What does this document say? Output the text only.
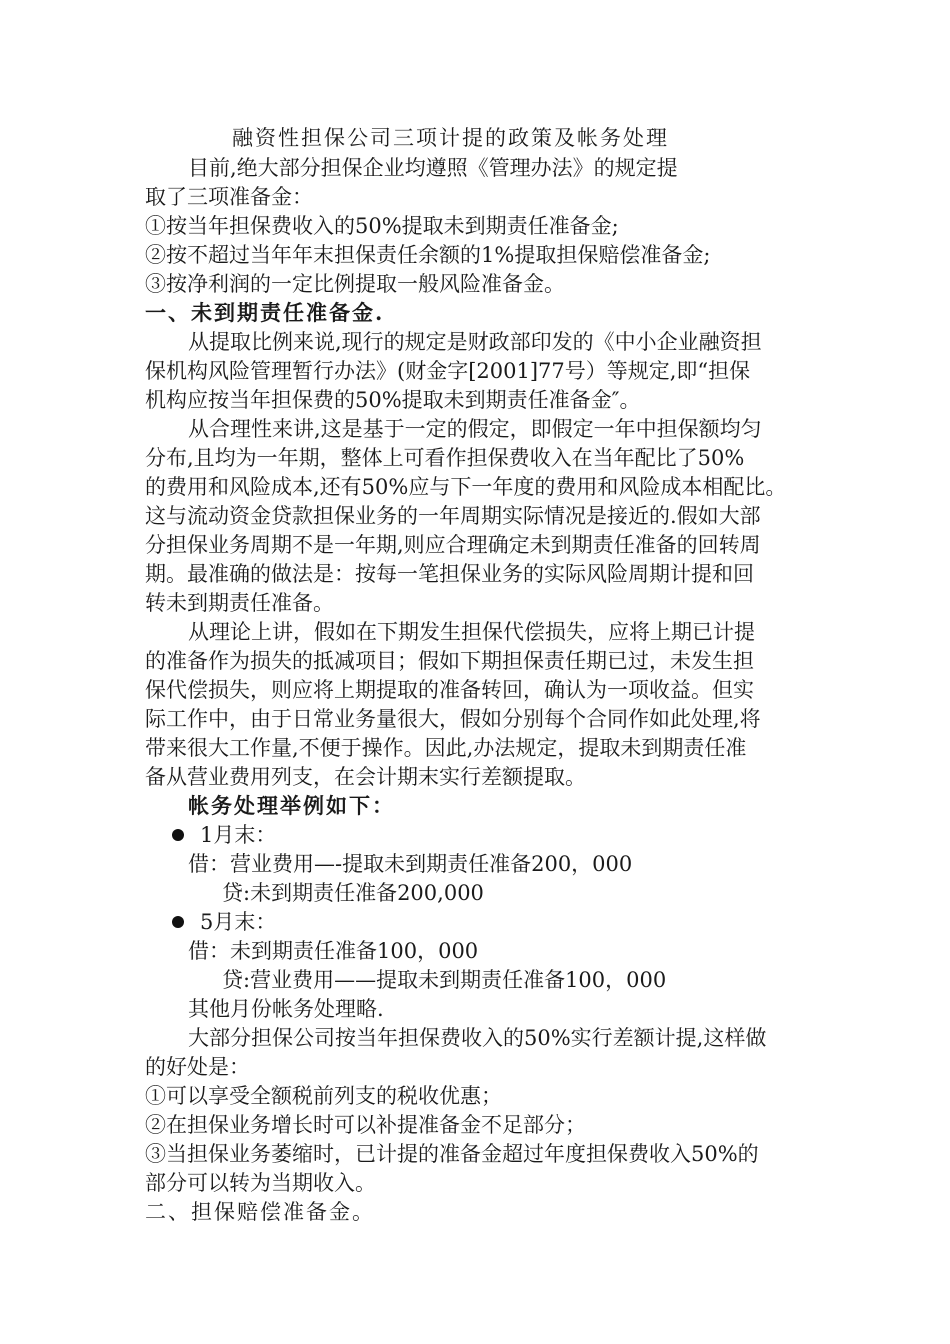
融资性担保公司三项计提的政策及帐务处理
目前,绝大部分担保企业均遵照《管理办法》的规定提
取了三项准备金：
①按当年担保费收入的50%提取未到期责任准备金;
②按不超过当年年末担保责任余额的1%提取担保赔偿准备金;
③按净利润的一定比例提取一般风险准备金。
一、未到期责任准备金.
从提取比例来说,现行的规定是财政部印发的《中小企业融资担
保机构风险管理暂行办法》(财金字[2001]77号）等规定,即“担保
机构应按当年担保费的50%提取未到期责任准备金″。
从合理性来讲,这是基于一定的假定，即假定一年中担保额均匀
分布,且均为一年期，整体上可看作担保费收入在当年配比了50%
的费用和风险成本,还有50%应与下一年度的费用和风险成本相配比。
这与流动资金贷款担保业务的一年周期实际情况是接近的.假如大部
分担保业务周期不是一年期,则应合理确定未到期责任准备的回转周
期。最准确的做法是：按每一笔担保业务的实际风险周期计提和回
转未到期责任准备。
从理论上讲，假如在下期发生担保代偿损失，应将上期已计提
的准备作为损失的抵减项目；假如下期担保责任期已过，未发生担
保代偿损失，则应将上期提取的准备转回，确认为一项收益。但实
际工作中，由于日常业务量很大，假如分别每个合同作如此处理,将
带来很大工作量,不便于操作。因此,办法规定，提取未到期责任准
备从营业费用列支，在会计期末实行差额提取。
帐务处理举例如下：
1月末：
借：营业费用—-提取未到期责任准备200，000
贷:未到期责任准备200,000
5月末：
借：未到期责任准备100，000
贷:营业费用——提取未到期责任准备100，000
其他月份帐务处理略.
大部分担保公司按当年担保费收入的50%实行差额计提,这样做
的好处是：
①可以享受全额税前列支的税收优惠；
②在担保业务增长时可以补提准备金不足部分；
③当担保业务萎缩时，已计提的准备金超过年度担保费收入50%的
部分可以转为当期收入。
二、担保赔偿准备金。
